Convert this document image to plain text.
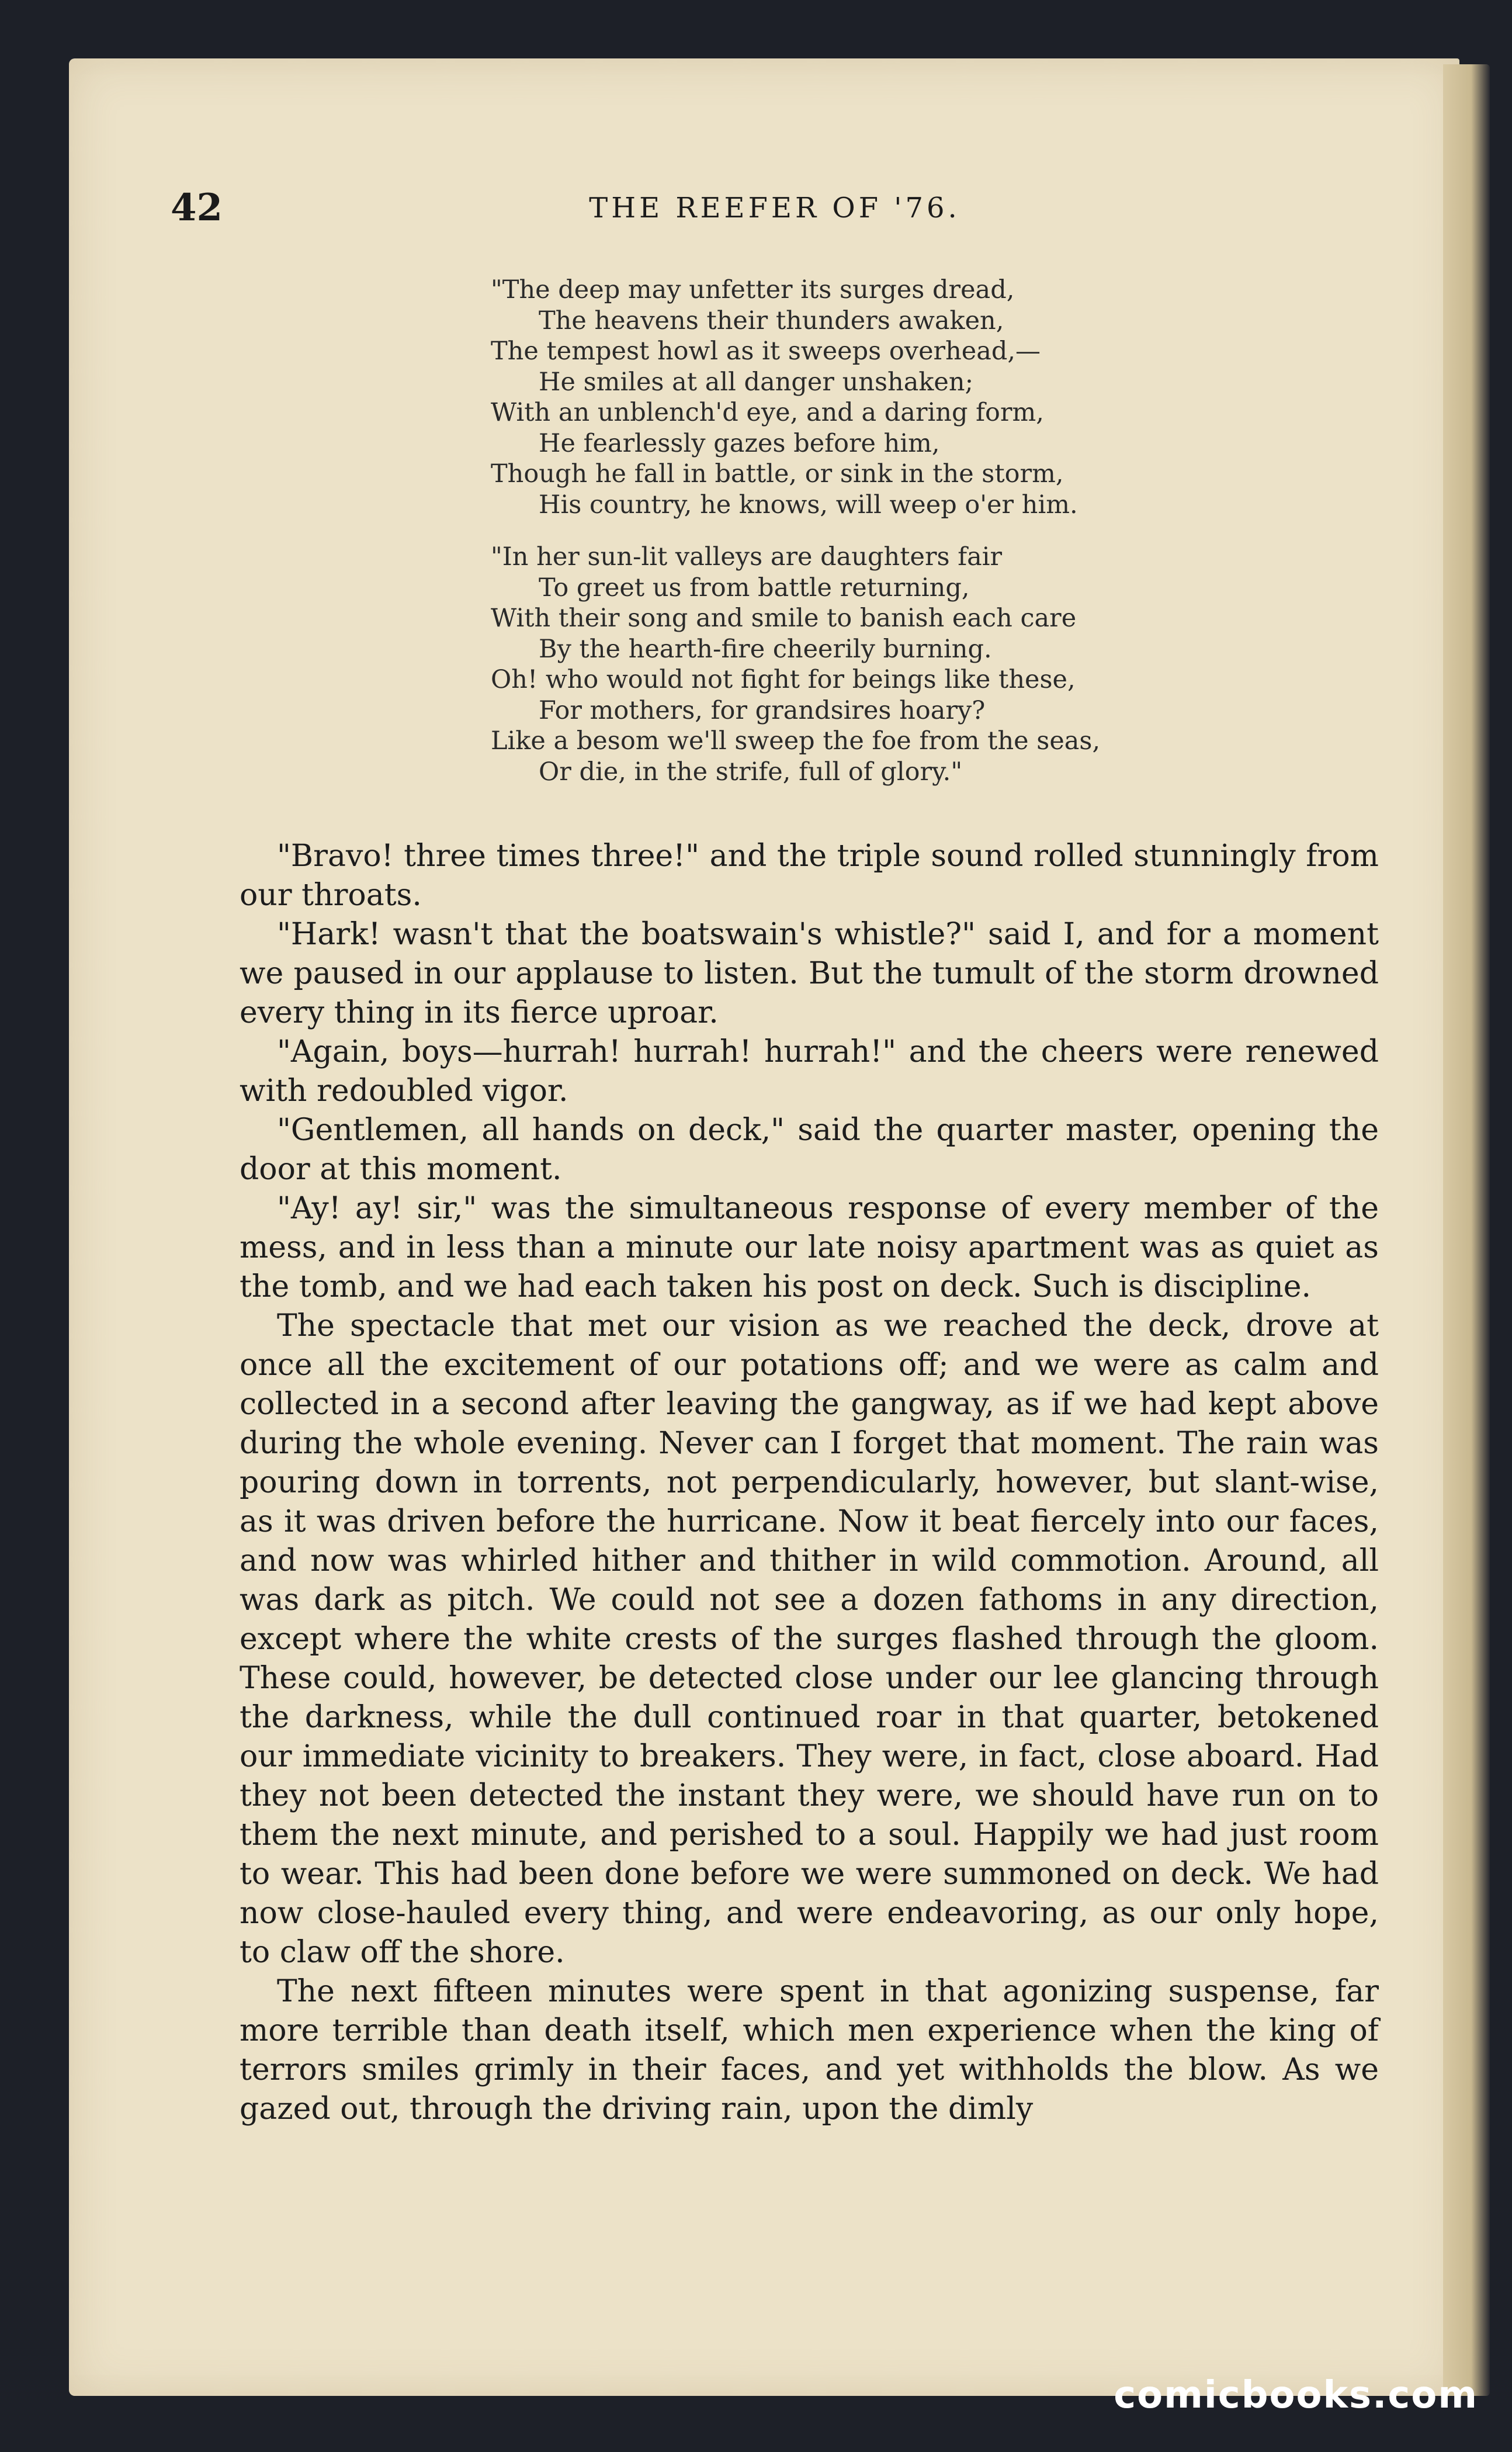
42	THE REEFER OF '76.

"The deep may unfetter its surges dread,
The heavens their thunders awaken,
The tempest howl as it sweeps overhead,—
He smiles at all danger unshaken;
With an unblench'd eye, and a daring form,
He fearlessly gazes before him,
Though he fall in battle, or sink in the storm,
His country, he knows, will weep o'er him.

"In her sun-lit valleys are daughters fair
To greet us from battle returning,
With their song and smile to banish each care
By the hearth-fire cheerily burning.
Oh! who would not fight for beings like these,
For mothers, for grandsires hoary?
Like a besom we'll sweep the foe from the seas,
Or die, in the strife, full of glory."

"Bravo! three times three!" and the triple sound rolled stunningly from our throats.

"Hark! wasn't that the boatswain's whistle?" said I, and for a moment we paused in our applause to listen. But the tumult of the storm drowned every thing in its fierce uproar.

"Again, boys—hurrah! hurrah! hurrah!" and the cheers were renewed with redoubled vigor.

"Gentlemen, all hands on deck," said the quarter master, opening the door at this moment.

"Ay! ay! sir," was the simultaneous response of every member of the mess, and in less than a minute our late noisy apartment was as quiet as the tomb, and we had each taken his post on deck. Such is discipline.

The spectacle that met our vision as we reached the deck, drove at once all the excitement of our potations off; and we were as calm and collected in a second after leaving the gangway, as if we had kept above during the whole evening. Never can I forget that moment. The rain was pouring down in torrents, not perpendicularly, however, but slant-wise, as it was driven before the hurricane. Now it beat fiercely into our faces, and now was whirled hither and thither in wild commotion. Around, all was dark as pitch. We could not see a dozen fathoms in any direction, except where the white crests of the surges flashed through the gloom. These could, however, be detected close under our lee glancing through the darkness, while the dull continued roar in that quarter, betokened our immediate vicinity to breakers. They were, in fact, close aboard. Had they not been detected the instant they were, we should have run on to them the next minute, and perished to a soul. Happily we had just room to wear. This had been done before we were summoned on deck. We had now close-hauled every thing, and were endeavoring, as our only hope, to claw off the shore.

The next fifteen minutes were spent in that agonizing suspense, far more terrible than death itself, which men experience when the king of terrors smiles grimly in their faces, and yet withholds the blow. As we gazed out, through the driving rain, upon the dimly

comicbooks.com
